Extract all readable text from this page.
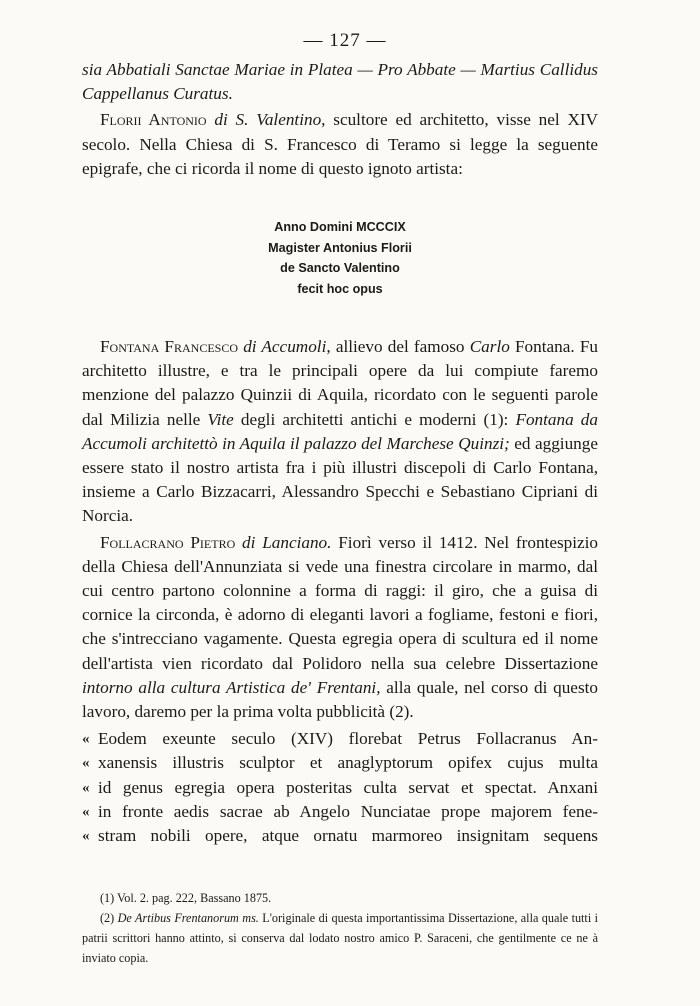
— 127 —

sia Abbatiali Sanctae Mariae in Platea — Pro Abbate — Martius Callidus Cappellanus Curatus.

Florii Antonio di S. Valentino, scultore ed architetto, visse nel XIV secolo. Nella Chiesa di S. Francesco di Teramo si legge la seguente epigrafe, che ci ricorda il nome di questo ignoto artista:

Anno Domini MCCCIX
Magister Antonius Florii
de Sancto Valentino
fecit hoc opus

Fontana Francesco di Accumoli, allievo del famoso Carlo Fontana. Fu architetto illustre, e tra le principali opere da lui compiute faremo menzione del palazzo Quinzii di Aquila, ricordato con le seguenti parole dal Milizia nelle Vite degli architetti antichi e moderni (1): Fontana da Accumoli architettò in Aquila il palazzo del Marchese Quinzi; ed aggiunge essere stato il nostro artista fra i più illustri discepoli di Carlo Fontana, insieme a Carlo Bizzacarri, Alessandro Specchi e Sebastiano Cipriani di Norcia.

Follacrano Pietro di Lanciano. Fiorì verso il 1412. Nel frontespizio della Chiesa dell'Annunziata si vede una finestra circolare in marmo, dal cui centro partono colonnine a forma di raggi: il giro, che a guisa di cornice la circonda, è adorno di eleganti lavori a fogliame, festoni e fiori, che s'intrecciano vagamente. Questa egregia opera di scultura ed il nome dell'artista vien ricordato dal Polidoro nella sua celebre Dissertazione intorno alla cultura Artistica de' Frentani, alla quale, nel corso di questo lavoro, daremo per la prima volta pubblicità (2).

« Eodem exeunte seculo (XIV) florebat Petrus Follacranus An-

« xanensis illustris sculptor et anaglyptorum opifex cujus multa

« id genus egregia opera posteritas culta servat et spectat. Anxani

« in fronte aedis sacrae ab Angelo Nunciatae prope majorem fene-

« stram nobili opere, atque ornatu marmoreo insignitam sequens

(1) Vol. 2. pag. 222, Bassano 1875.

(2) De Artibus Frentanorum ms. L'originale di questa importantissima Dissertazione, alla quale tutti i patrii scrittori hanno attinto, si conserva dal lodato nostro amico P. Saraceni, che gentilmente ce ne à inviato copia.
